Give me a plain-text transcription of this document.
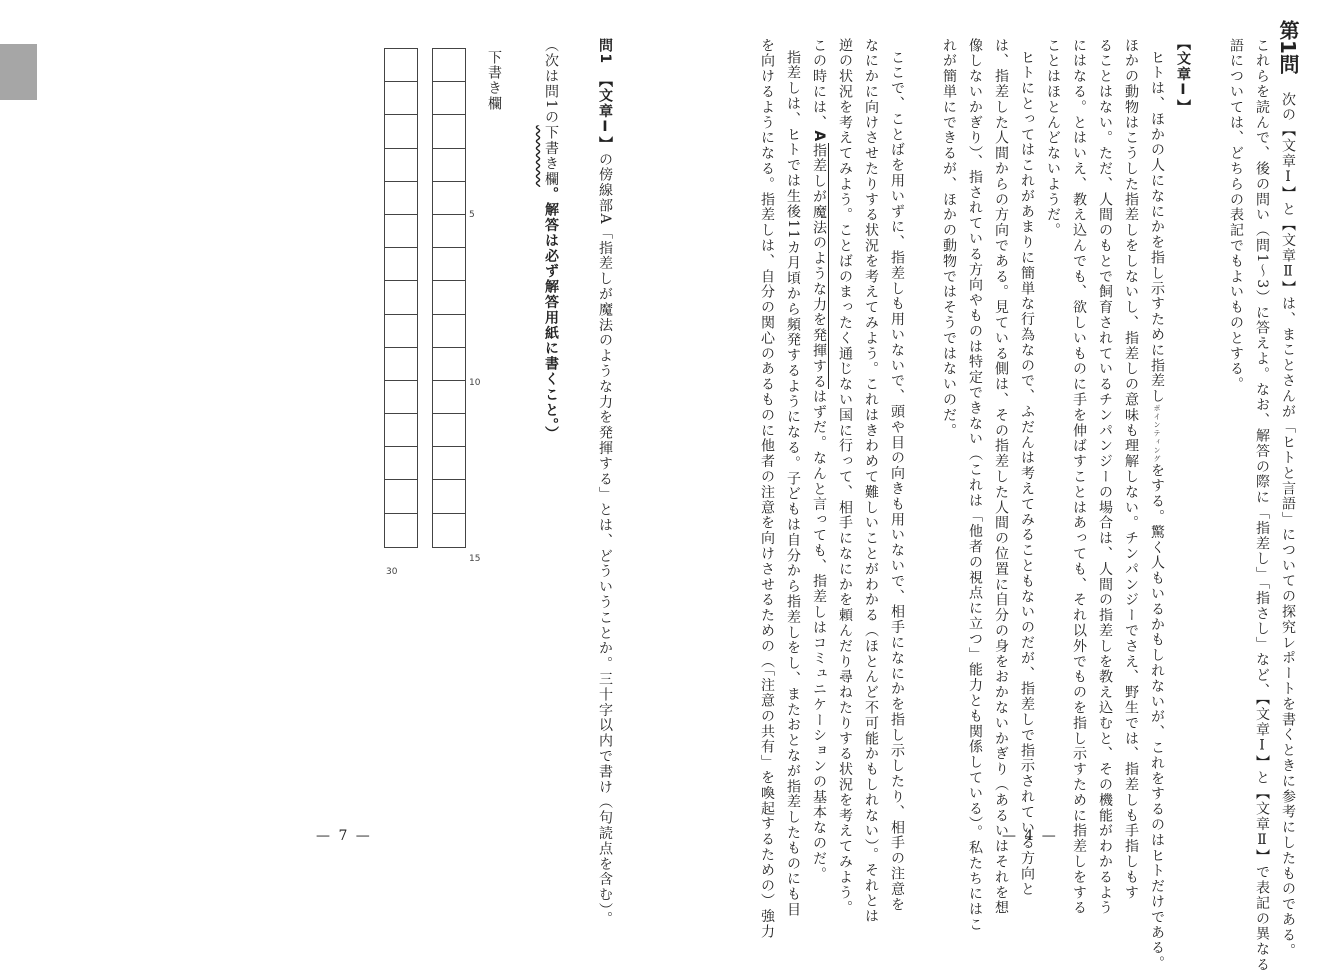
第1問
次の【文章Ⅰ】と【文章Ⅱ】は、まことさんが「ヒトと言語」についての探究レポートを書くときに参考にしたものである。
これらを読んで、後の問い（問1～3）に答えよ。なお、解答の際に「指差し」「指さし」など、【文章Ⅰ】と【文章Ⅱ】で表記の異なる
語については、どちらの表記でもよいものとする。
【文章Ⅰ】
ヒトは、ほかの人になにかを指し示すために指差しポインティングをする。驚く人もいるかもしれないが、これをするのはヒトだけである。
ほかの動物はこうした指差しをしないし、指差しの意味も理解しない。チンパンジーでさえ、野生では、指差しも手指しもす
ることはない。ただ、人間のもとで飼育されているチンパンジーの場合は、人間の指差しを教え込むと、その機能がわかるよう
にはなる。とはいえ、教え込んでも、欲しいものに手を伸ばすことはあっても、それ以外でものを指し示すために指差しをする
ことはほとんどないようだ。
ヒトにとってはこれがあまりに簡単な行為なので、ふだんは考えてみることもないのだが、指差しで指示されている方向と
は、指差した人間からの方向である。見ている側は、その指差した人間の位置に自分の身をおかないかぎり（あるいはそれを想
像しないかぎり）、指されている方向やものは特定できない（これは「他者の視点に立つ」能力とも関係している）。私たちにはこ
れが簡単にできるが、ほかの動物ではそうではないのだ。
ここで、ことばを用いずに、指差しも用いないで、頭や目の向きも用いないで、相手になにかを指し示したり、相手の注意を
なにかに向けさせたりする状況を考えてみよう。これはきわめて難しいことがわかる（ほとんど不可能かもしれない）。それとは
逆の状況を考えてみよう。ことばのまったく通じない国に行って、相手になにかを頼んだり尋ねたりする状況を考えてみよう。
この時には、A指差しが魔法のような力を発揮するはずだ。なんと言っても、指差しはコミュニケーションの基本なのだ。
指差しは、ヒトでは生後11カ月頃から頻発するようになる。子どもは自分から指差しをし、またおとなが指差したものにも目
を向けるようになる。指差しは、自分の関心のあるものに他者の注意を向けさせるための（「注意の共有」を喚起するための）強力	— 4 —
問1　【文章Ⅰ】の傍線部A「指差しが魔法のような力を発揮する」とは、どういうことか。三十字以内で書け（句読点を含む）。
（次は問1の下書き欄。解答は必ず解答用紙に書くこと。）
下書き欄
5
10
15
30
— 7 —
